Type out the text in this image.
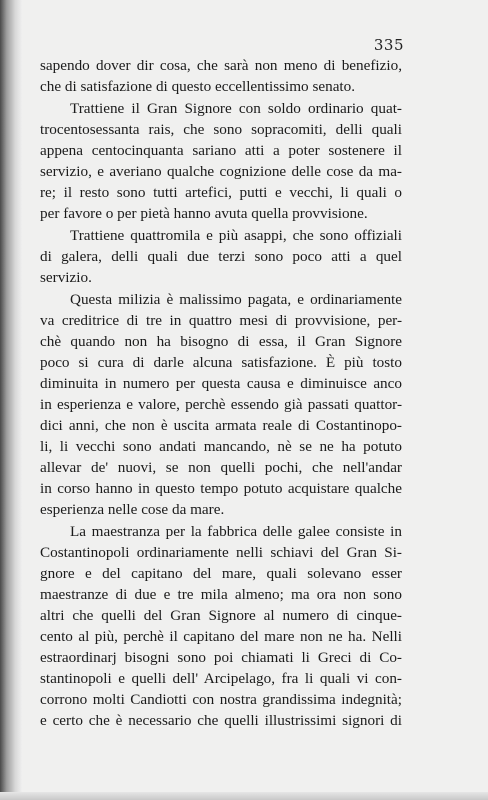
335
sapendo dover dir cosa, che sarà non meno di benefizio,
che di satisfazione di questo eccellentissimo senato.
Trattiene il Gran Signore con soldo ordinario quat-
trocentosessanta rais, che sono sopracomiti, delli quali
appena centocinquanta sariano atti a poter sostenere il
servizio, e averiano qualche cognizione delle cose da ma-
re; il resto sono tutti artefici, putti e vecchi, li quali o
per favore o per pietà hanno avuta quella provvisione.
Trattiene quattromila e più asappi, che sono offiziali
di galera, delli quali due terzi sono poco atti a quel
servizio.
Questa milizia è malissimo pagata, e ordinariamente
va creditrice di tre in quattro mesi di provvisione, per-
chè quando non ha bisogno di essa, il Gran Signore
poco si cura di darle alcuna satisfazione. È più tosto
diminuita in numero per questa causa e diminuisce anco
in esperienza e valore, perchè essendo già passati quattor-
dici anni, che non è uscita armata reale di Costantinopo-
li, li vecchi sono andati mancando, nè se ne ha potuto
allevar de' nuovi, se non quelli pochi, che nell'andar
in corso hanno in questo tempo potuto acquistare qualche
esperienza nelle cose da mare.
La maestranza per la fabbrica delle galee consiste in
Costantinopoli ordinariamente nelli schiavi del Gran Si-
gnore e del capitano del mare, quali solevano esser
maestranze di due e tre mila almeno; ma ora non sono
altri che quelli del Gran Signore al numero di cinque-
cento al più, perchè il capitano del mare non ne ha. Nelli
estraordinarj bisogni sono poi chiamati li Greci di Co-
stantinopoli e quelli dell' Arcipelago, fra li quali vi con-
corrono molti Candiotti con nostra grandissima indegnità;
e certo che è necessario che quelli illustrissimi signori di
